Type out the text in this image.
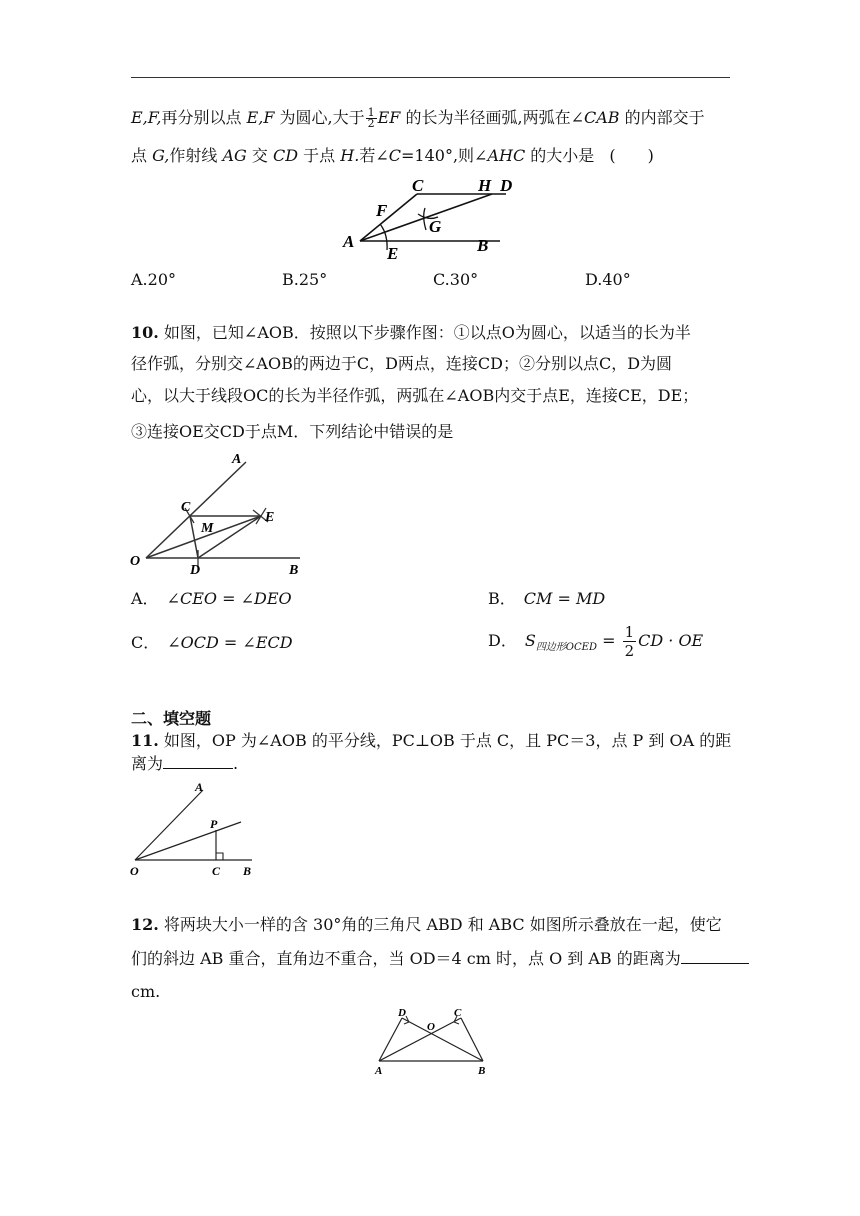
E,F,再分别以点 E,F 为圆心,大于 $\frac{1}{2}$ EF 的长为半径画弧,两弧在∠CAB 的内部交于
点 G,作射线 AG 交 CD 于点 H.若∠C=140°,则∠AHC 的大小是 (　　)
C	H D
F
G
A
E	B
A.20°	B.25°	C.30°	D.40°
10. 如图，已知∠AOB．按照以下步骤作图：①以点O为圆心，以适当的长为半
径作弧，分别交∠AOB的两边于C，D两点，连接CD；②分别以点C，D为圆
心，以大于线段OC的长为半径作弧，两弧在∠AOB内交于点E，连接CE，DE；
③连接OE交CD于点M．下列结论中错误的是
A
C
M
E
O
D	B
A． ∠CEO = ∠DEO	B． CM = MD
C． ∠OCD = ∠ECD	D． $S_{四边形OCED} = \frac{1}{2}$ CD · OE
二、填空题
11. 如图，OP 为∠AOB 的平分线，PC⊥OB 于点 C，且 PC＝3，点 P 到 OA 的距
离为	.
A
P
O	C B
12. 将两块大小一样的含 30°角的三角尺 ABD 和 ABC 如图所示叠放在一起，使它
们的斜边 AB 重合，直角边不重合，当 OD＝4 cm 时，点 O 到 AB 的距离为
cm.
D
O
C
A	B
